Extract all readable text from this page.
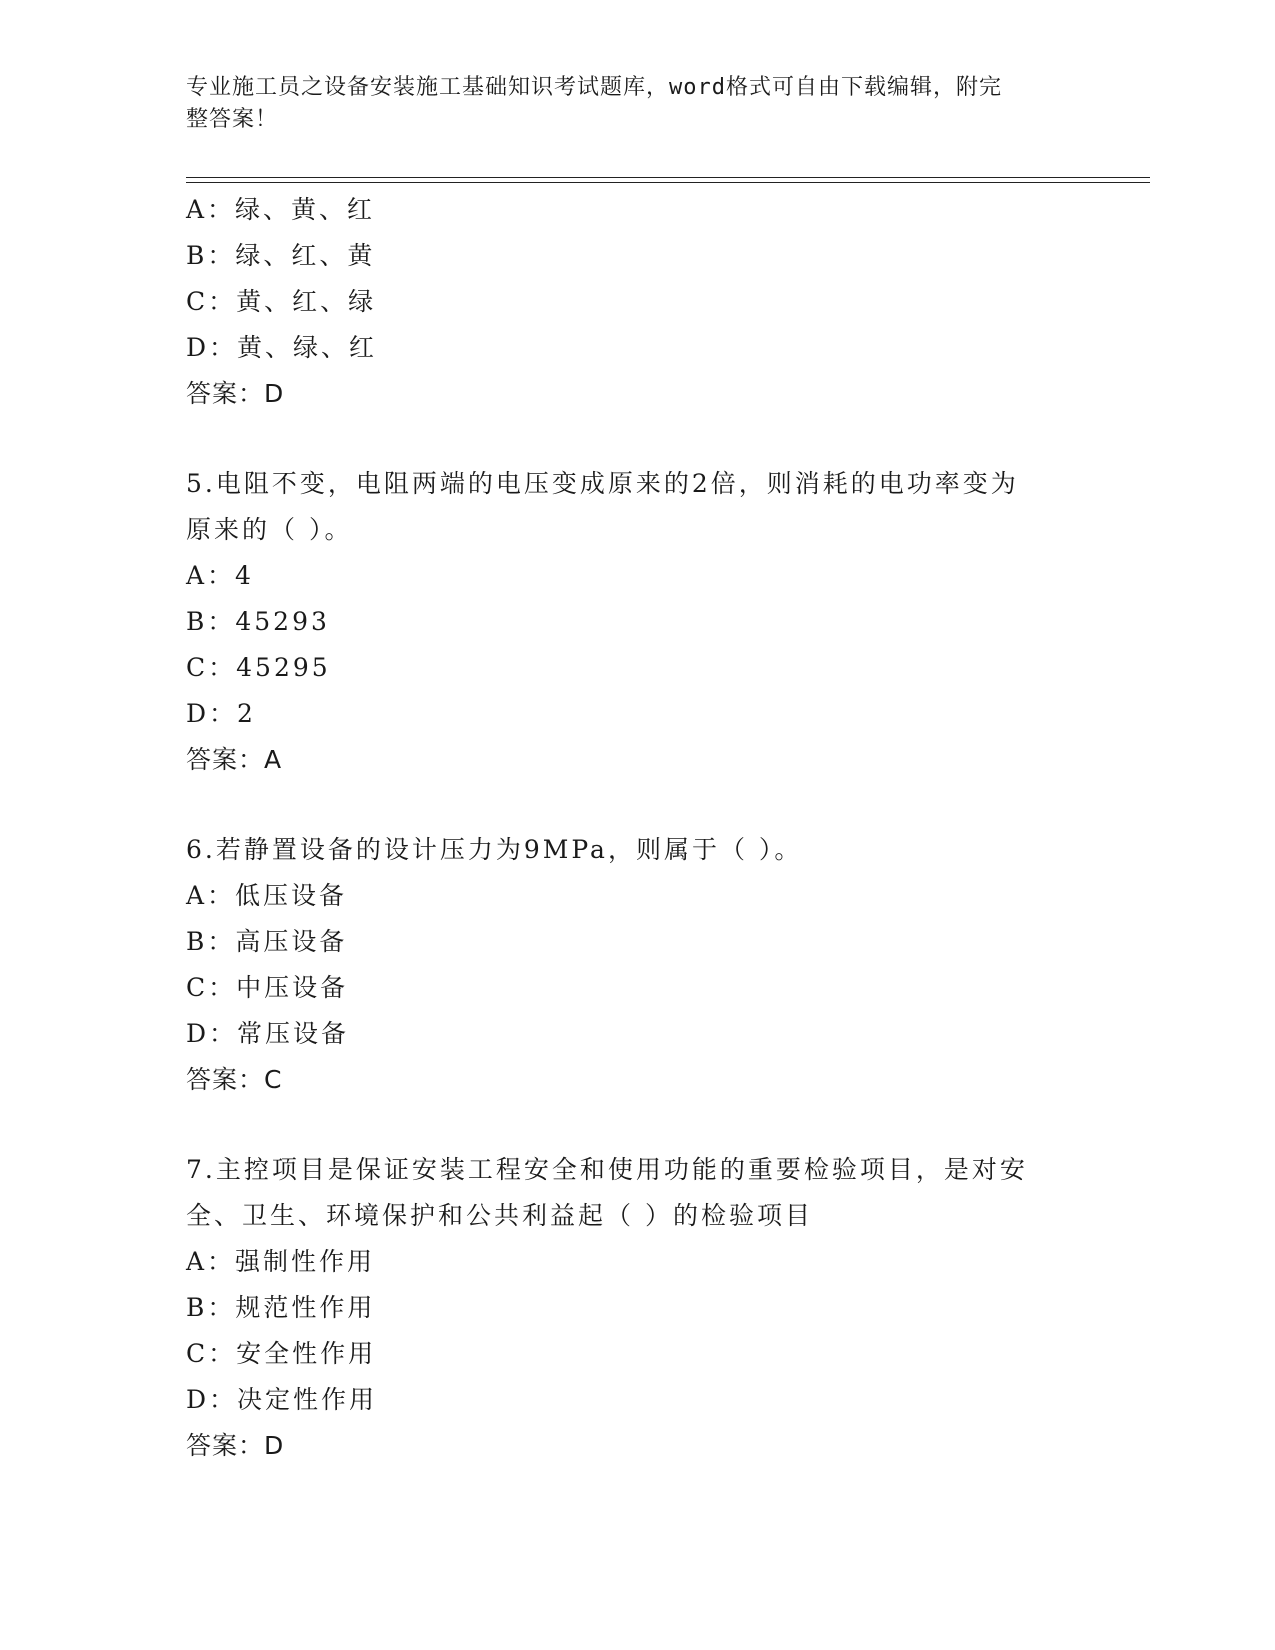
专业施工员之设备安装施工基础知识考试题库，word格式可自由下载编辑，附完
整答案！
A：绿、黄、红
B：绿、红、黄
C：黄、红、绿
D：黄、绿、红
答案：D
5.电阻不变，电阻两端的电压变成原来的2倍，则消耗的电功率变为
原来的（ ）。
A：4
B：45293
C：45295
D：2
答案：A
6.若静置设备的设计压力为9MPa，则属于（ ）。
A：低压设备
B：高压设备
C：中压设备
D：常压设备
答案：C
7.主控项目是保证安装工程安全和使用功能的重要检验项目，是对安
全、卫生、环境保护和公共利益起（ ）的检验项目
A：强制性作用
B：规范性作用
C：安全性作用
D：决定性作用
答案：D
